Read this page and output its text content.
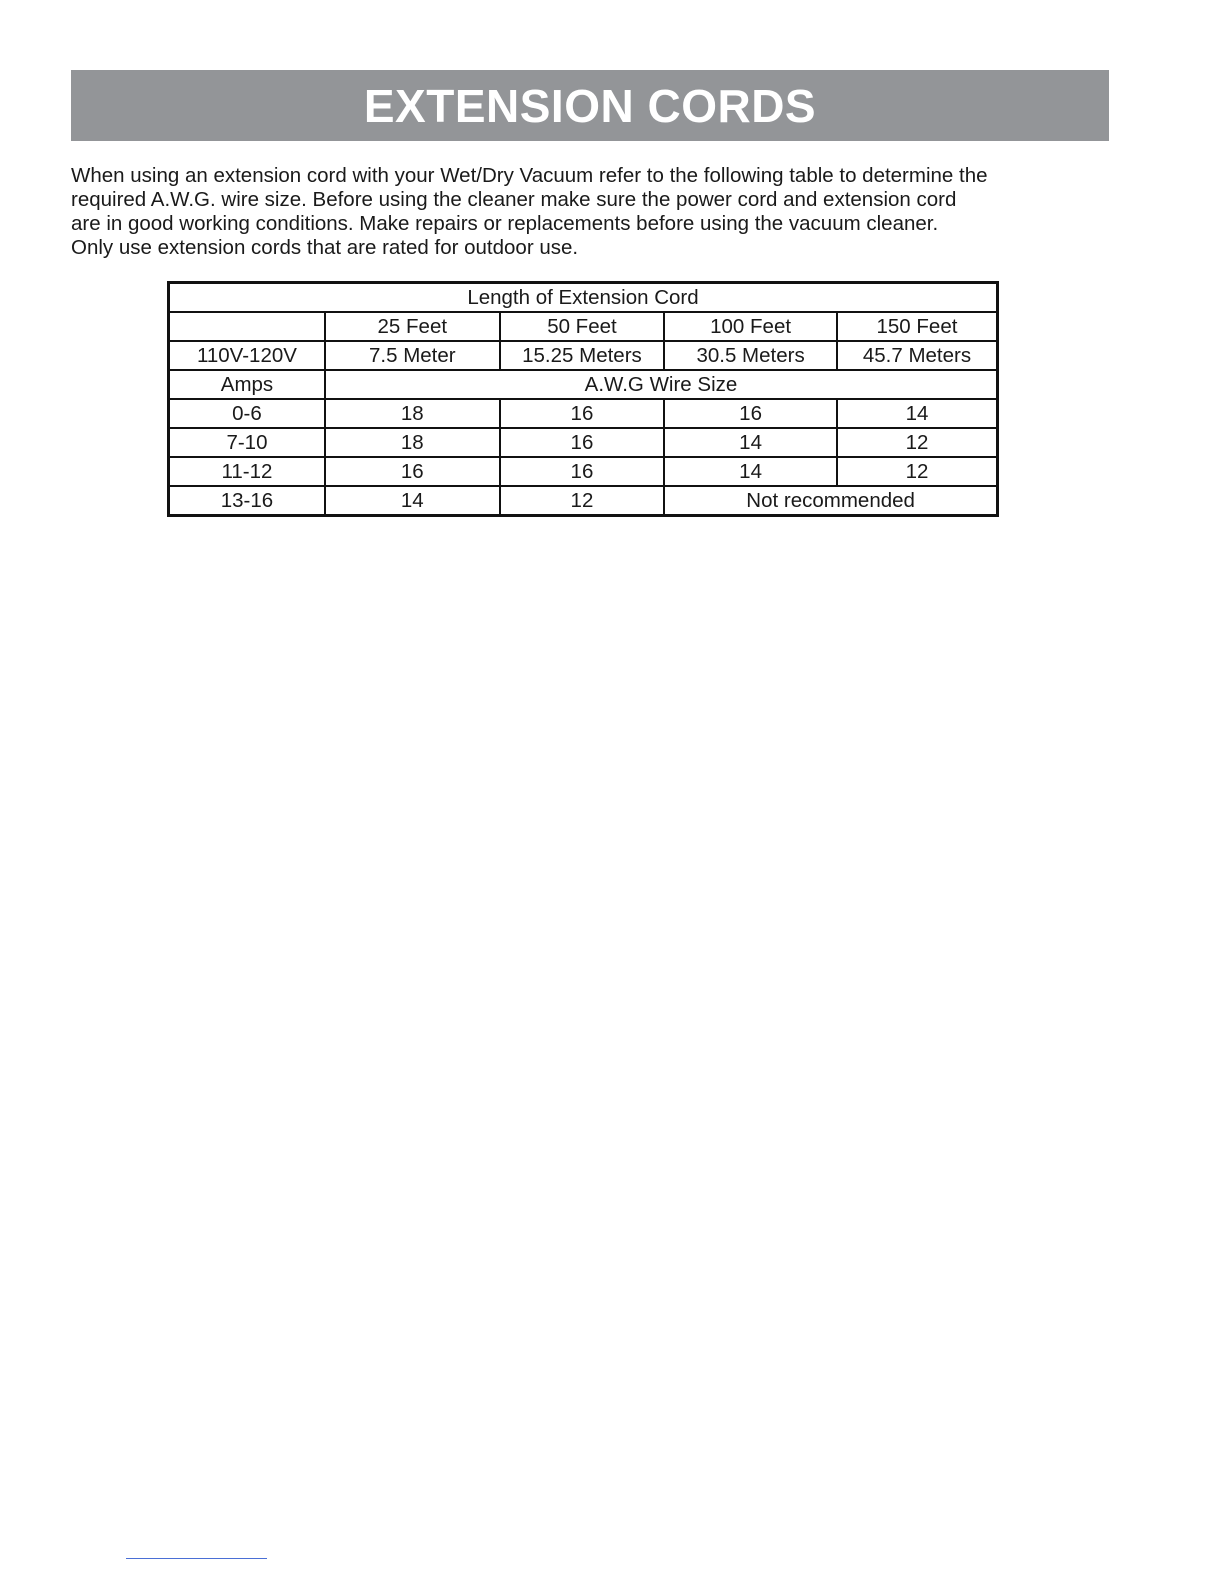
EXTENSION CORDS

When using an extension cord with your Wet/Dry Vacuum refer to the following table to determine the

required A.W.G. wire size. Before using the cleaner make sure the power cord and extension cord

are in good working conditions. Make repairs or replacements before using the vacuum cleaner.

Only use extension cords that are rated for outdoor use.

Length of Extension Cord				
	25 Feet	50 Feet	100 Feet	150 Feet
110V-120V	7.5 Meter	15.25 Meters	30.5 Meters	45.7 Meters
Amps	A.W.G Wire Size			
0-6	18	16	16	14
7-10	18	16	14	12
11-12	16	16	14	12
13-16	14	12	Not recommended	
